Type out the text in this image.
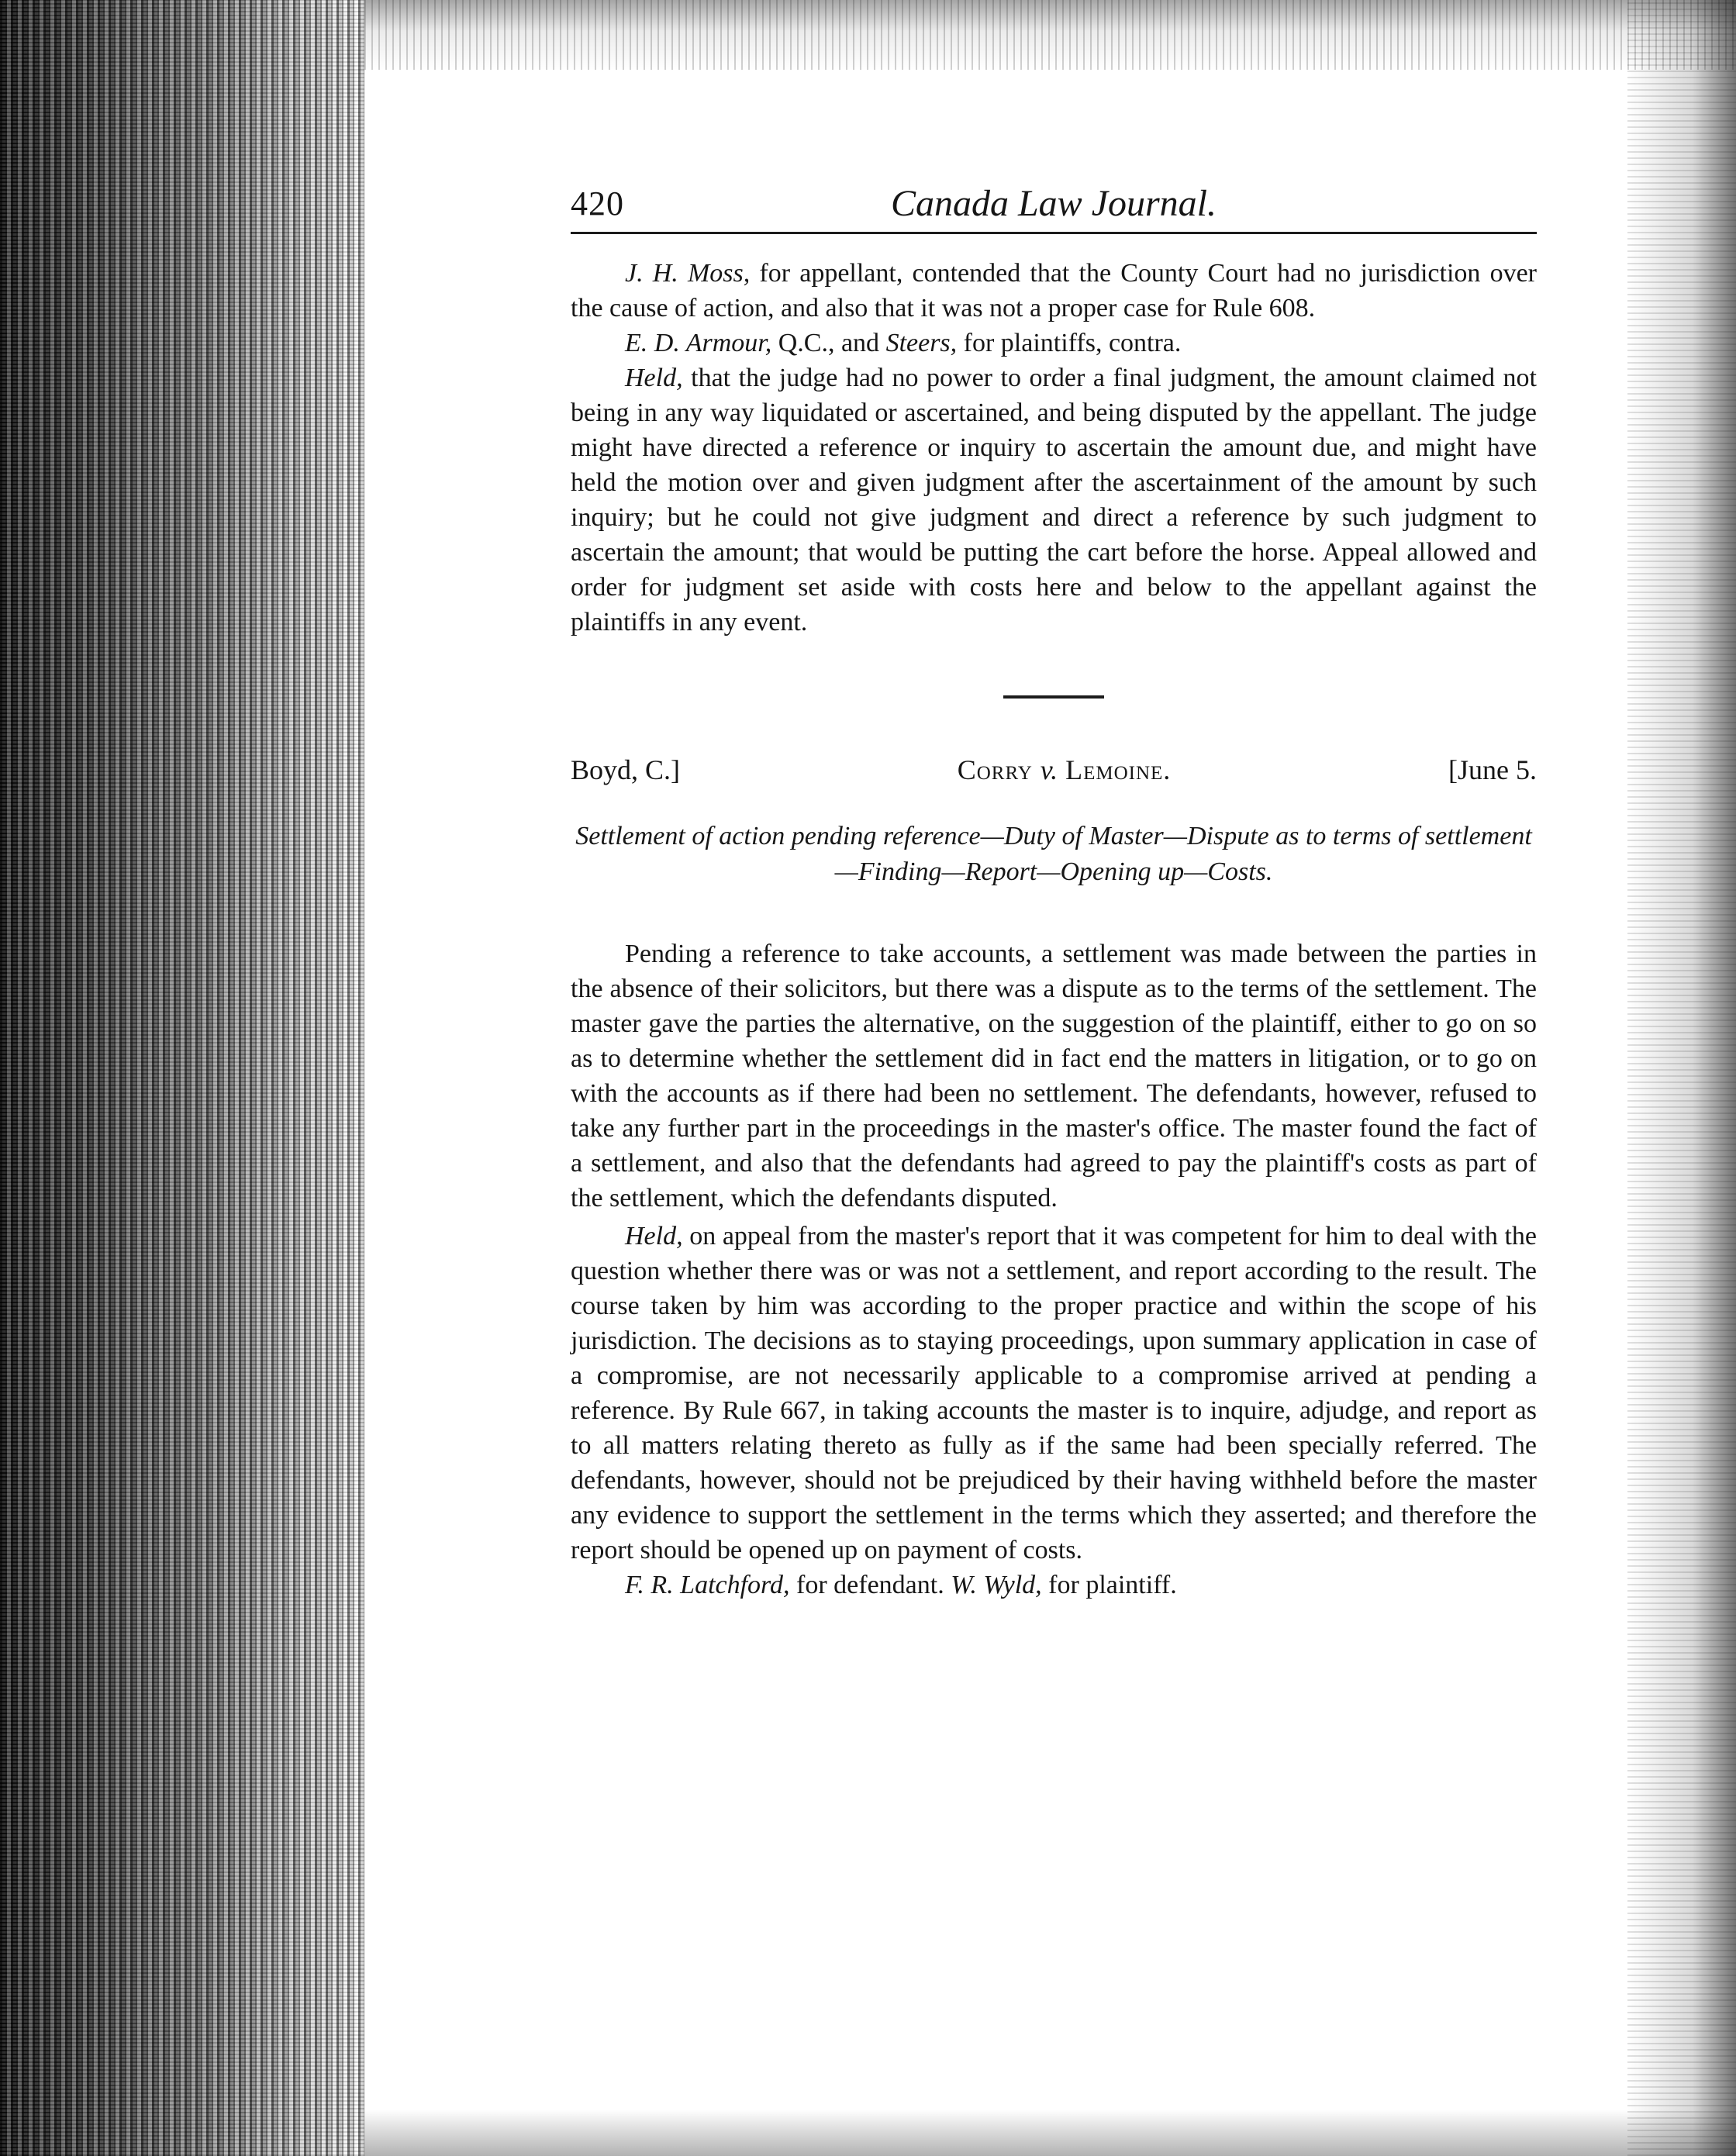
420	Canada Law Journal.

J. H. Moss, for appellant, contended that the County Court had no jurisdiction over the cause of action, and also that it was not a proper case for Rule 608.

E. D. Armour, Q.C., and Steers, for plaintiffs, contra.

Held, that the judge had no power to order a final judgment, the amount claimed not being in any way liquidated or ascertained, and being disputed by the appellant. The judge might have directed a reference or inquiry to ascertain the amount due, and might have held the motion over and given judgment after the ascertainment of the amount by such inquiry; but he could not give judgment and direct a reference by such judgment to ascertain the amount; that would be putting the cart before the horse. Appeal allowed and order for judgment set aside with costs here and below to the appellant against the plaintiffs in any event.

Boyd, C.]	Corry v. Lemoine.	[June 5.

Settlement of action pending reference—Duty of Master—Dispute as to terms of settlement—Finding—Report—Opening up—Costs.

Pending a reference to take accounts, a settlement was made between the parties in the absence of their solicitors, but there was a dispute as to the terms of the settlement. The master gave the parties the alternative, on the suggestion of the plaintiff, either to go on so as to determine whether the settlement did in fact end the matters in litigation, or to go on with the accounts as if there had been no settlement. The defendants, however, refused to take any further part in the proceedings in the master's office. The master found the fact of a settlement, and also that the defendants had agreed to pay the plaintiff's costs as part of the settlement, which the defendants disputed.

Held, on appeal from the master's report that it was competent for him to deal with the question whether there was or was not a settlement, and report according to the result. The course taken by him was according to the proper practice and within the scope of his jurisdiction. The decisions as to staying proceedings, upon summary application in case of a compromise, are not necessarily applicable to a compromise arrived at pending a reference. By Rule 667, in taking accounts the master is to inquire, adjudge, and report as to all matters relating thereto as fully as if the same had been specially referred. The defendants, however, should not be prejudiced by their having withheld before the master any evidence to support the settlement in the terms which they asserted; and therefore the report should be opened up on payment of costs.

F. R. Latchford, for defendant. W. Wyld, for plaintiff.
